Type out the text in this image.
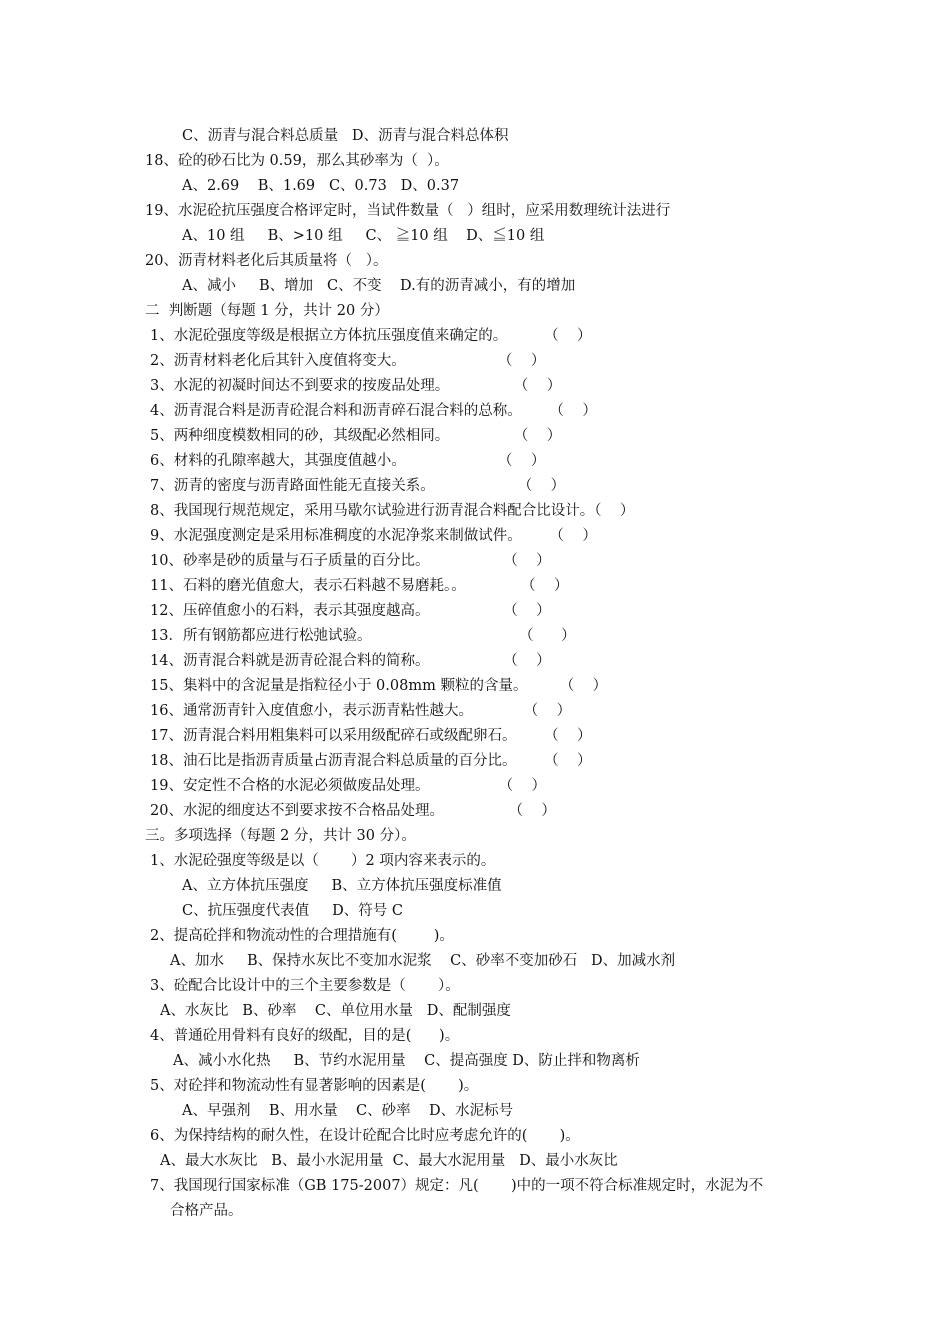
C、沥青与混合料总质量   D、沥青与混合料总体积
18、砼的砂石比为 0.59，那么其砂率为（  ）。
A、2.69    B、1.69   C、0.73   D、0.37
19、水泥砼抗压强度合格评定时，当试件数量（   ）组时，应采用数理统计法进行
A、10 组     B、>10 组     C、 ≧10 组    D、≦10 组
20、沥青材料老化后其质量将（   ）。
A、减小     B、增加   C、不变    D.有的沥青减小，有的增加
二  判断题（每题 1 分，共计 20 分）
1、水泥砼强度等级是根据立方体抗压强度值来确定的。        （    ）
2、沥青材料老化后其针入度值将变大。                    （    ）
3、水泥的初凝时间达不到要求的按废品处理。              （    ）
4、沥青混合料是沥青砼混合料和沥青碎石混合料的总称。      （    ）
5、两种细度模数相同的砂，其级配必然相同。              （    ）
6、材料的孔隙率越大，其强度值越小。                    （    ）
7、沥青的密度与沥青路面性能无直接关系。                  （    ）
8、我国现行规范规定，采用马歇尔试验进行沥青混合料配合比设计。（    ）
9、水泥强度测定是采用标准稠度的水泥净浆来制做试件。      （    ）
10、砂率是砂的质量与石子质量的百分比。                （    ）
11、石料的磨光值愈大，表示石料越不易磨耗。。            （    ）
12、压碎值愈小的石料，表示其强度越高。                （    ）
13．所有钢筋都应进行松弛试验。                                （      ）
14、沥青混合料就是沥青砼混合料的简称。                （    ）
15、集料中的含泥量是指粒径小于 0.08mm 颗粒的含量。       （    ）
16、通常沥青针入度值愈小，表示沥青粘性越大。           （    ）
17、沥青混合料用粗集料可以采用级配碎石或级配卵石。      （    ）
18、油石比是指沥青质量占沥青混合料总质量的百分比。      （    ）
19、安定性不合格的水泥必须做废品处理。               （    ）
20、水泥的细度达不到要求按不合格品处理。              （    ）
三。多项选择（每题 2 分，共计 30 分）。
1、水泥砼强度等级是以（       ）2 项内容来表示的。
A、立方体抗压强度     B、立方体抗压强度标准值
C、抗压强度代表值     D、符号 C
2、提高砼拌和物流动性的合理措施有(        )。
A、加水     B、保持水灰比不变加水泥浆    C、砂率不变加砂石   D、加减水剂
3、砼配合比设计中的三个主要参数是（       ）。
A、水灰比   B、砂率    C、单位用水量   D、配制强度
4、普通砼用骨料有良好的级配，目的是(      )。
A、减小水化热     B、节约水泥用量    C、提高强度 D、防止拌和物离析
5、对砼拌和物流动性有显著影响的因素是(       )。
A、早强剂    B、用水量    C、砂率    D、水泥标号
6、为保持结构的耐久性，在设计砼配合比时应考虑允许的(       )。
A、最大水灰比   B、最小水泥用量  C、最大水泥用量   D、最小水灰比
7、我国现行国家标准（GB 175-2007）规定：凡(       )中的一项不符合标准规定时，水泥为不
合格产品。
